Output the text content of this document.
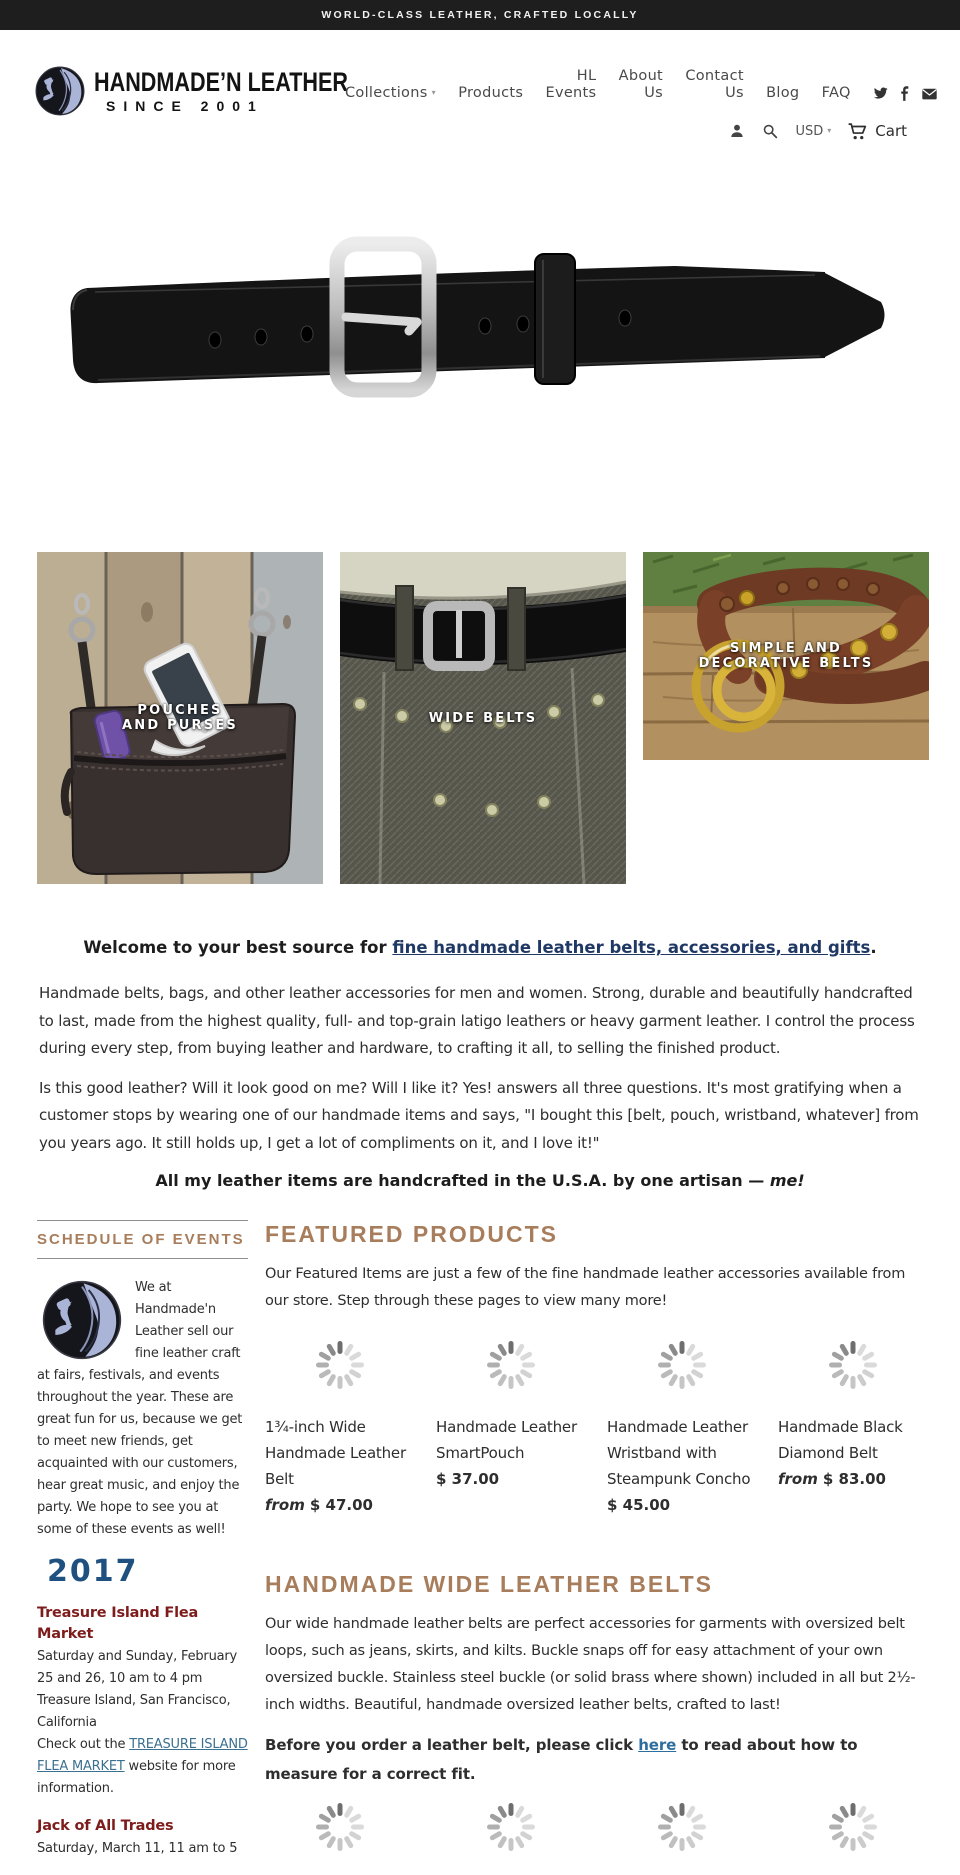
WORLD-CLASS LEATHER, CRAFTED LOCALLY
HANDMADE’N LEATHER
SINCE 2001
Collections ▾ Products
HL
Events
About
Us
Contact
Us Blog FAQ
USD ▾	Cart
POUCHES
AND PURSES	WIDE BELTS
SIMPLE AND
DECORATIVE BELTS
Welcome to your best source for fine handmade leather belts, accessories, and gifts.

Handmade belts, bags, and other leather accessories for men and women. Strong, durable and beautifully handcrafted to last, made from the highest quality, full- and top-grain latigo leathers or heavy garment leather. I control the process during every step, from buying leather and hardware, to crafting it all, to selling the finished product.

Is this good leather? Will it look good on me? Will I like it? Yes! answers all three questions. It's most gratifying when a customer stops by wearing one of our handmade items and says, "I bought this [belt, pouch, wristband, whatever] from you years ago. It still holds up, I get a lot of compliments on it, and I love it!"

All my leather items are handcrafted in the U.S.A. by one artisan — me!
SCHEDULE OF EVENTS
We at Handmade'n Leather sell our fine leather craft at fairs, festivals, and events throughout the year. These are great fun for us, because we get to meet new friends, get acquainted with our customers, hear great music, and enjoy the party. We hope to see you at some of these events as well!
2017
Treasure Island Flea Market
Saturday and Sunday, February 25 and 26, 10 am to 4 pm
Treasure Island, San Francisco, California
Check out the TREASURE ISLAND FLEA MARKET website for more information.
Jack of All Trades
Saturday, March 11, 11 am to 5
FEATURED PRODUCTS
Our Featured Items are just a few of the fine handmade leather accessories available from our store. Step through these pages to view many more!
1¾-inch Wide Handmade Leather Belt
from $ 47.00
Handmade Leather SmartPouch
$ 37.00
Handmade Leather Wristband with Steampunk Concho
$ 45.00
Handmade Black Diamond Belt
from $ 83.00
HANDMADE WIDE LEATHER BELTS
Our wide handmade leather belts are perfect accessories for garments with oversized belt loops, such as jeans, skirts, and kilts. Buckle snaps off for easy attachment of your own oversized buckle. Stainless steel buckle (or solid brass where shown) included in all but 2½-inch widths. Beautiful, handmade oversized leather belts, crafted to last!
Before you order a leather belt, please click here to read about how to measure for a correct fit.
